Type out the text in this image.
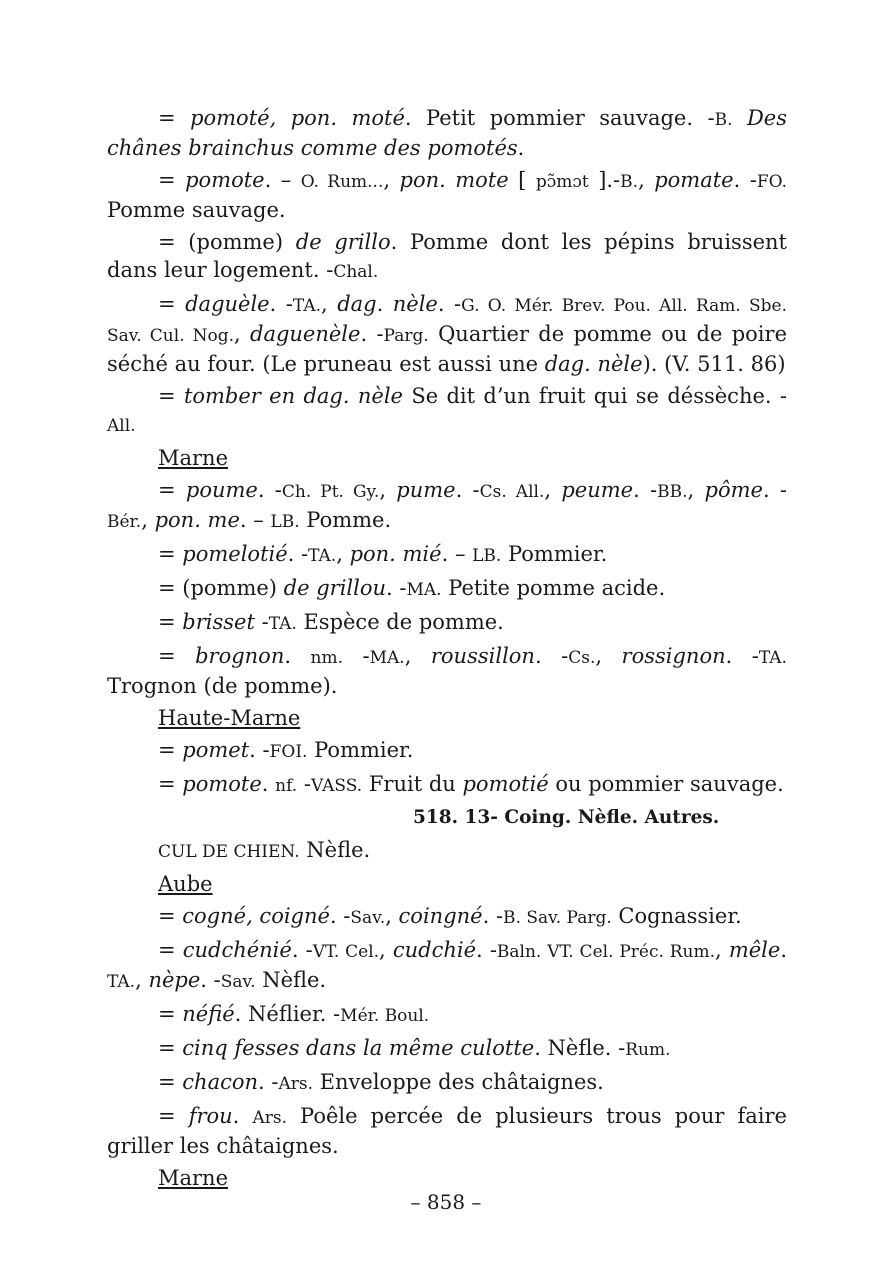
= pomoté, pon. moté. Petit pommier sauvage. -B. Des chânes brainchus comme des pomotés.

= pomote. – O. Rum..., pon. mote [ pɔ̃mɔt ].-B., pomate. -FO. Pomme sauvage.

= (pomme) de grillo. Pomme dont les pépins bruissent dans leur logement. -Chal.

= daguèle. -TA., dag. nèle. -G. O. Mér. Brev. Pou. All. Ram. Sbe. Sav. Cul. Nog., daguenèle. -Parg. Quartier de pomme ou de poire séché au four. (Le pruneau est aussi une dag. nèle). (V. 511. 86)

= tomber en dag. nèle Se dit d’un fruit qui se déssèche. -All.

Marne

= poume. -Ch. Pt. Gy., pume. -Cs. All., peume. -BB., pôme. -Bér., pon. me. – LB. Pomme.

= pomelotié. -TA., pon. mié. – LB. Pommier.

= (pomme) de grillou. -MA. Petite pomme acide.

= brisset -TA. Espèce de pomme.

= brognon. nm. -MA., roussillon. -Cs., rossignon. -TA. Trognon (de pomme).

Haute-Marne

= pomet. -FOI. Pommier.

= pomote. nf. -VASS. Fruit du pomotié ou pommier sauvage.

518. 13- Coing. Nèfle. Autres.

CUL DE CHIEN. Nèfle.

Aube

= cogné, coigné. -Sav., coingné. -B. Sav. Parg. Cognassier.

= cudchénié. -VT. Cel., cudchié. -Baln. VT. Cel. Préc. Rum., mêle. TA., nèpe. -Sav. Nèfle.

= néfié. Néflier. -Mér. Boul.

= cinq fesses dans la même culotte. Nèfle. -Rum.

= chacon. -Ars. Enveloppe des châtaignes.

= frou. Ars. Poêle percée de plusieurs trous pour faire griller les châtaignes.

Marne
– 858 –
